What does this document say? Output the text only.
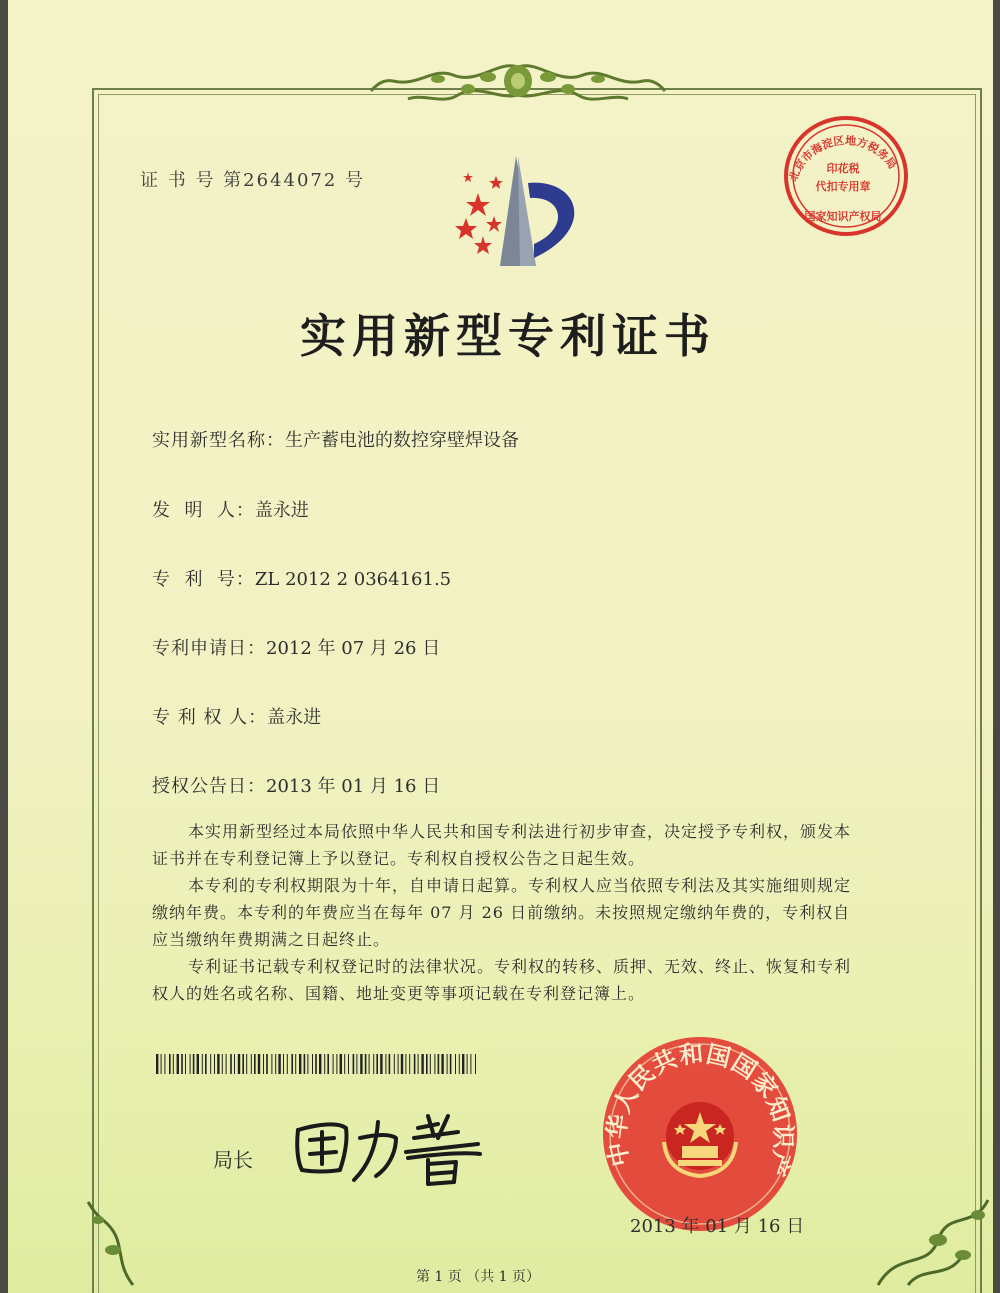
证 书 号 第2644072 号	北京市海淀区地方税务局
印花税
代扣专用章
国家知识产权局
实用新型专利证书
实用新型名称：生产蓄电池的数控穿壁焊设备
发  明  人：盖永进
专  利  号：ZL 2012 2 0364161.5
专利申请日：2012 年 07 月 26 日
专 利 权 人：盖永进
授权公告日：2013 年 01 月 16 日

本实用新型经过本局依照中华人民共和国专利法进行初步审查，决定授予专利权，颁发本证书并在专利登记簿上予以登记。专利权自授权公告之日起生效。

本专利的专利权期限为十年，自申请日起算。专利权人应当依照专利法及其实施细则规定缴纳年费。本专利的年费应当在每年 07 月 26 日前缴纳。未按照规定缴纳年费的，专利权自应当缴纳年费期满之日起终止。

专利证书记载专利权登记时的法律状况。专利权的转移、质押、无效、终止、恢复和专利权人的姓名或名称、国籍、地址变更等事项记载在专利登记簿上。

局长	中华人民共和国国家知识产
2013 年 01 月 16 日
第 1 页 （共 1 页）
